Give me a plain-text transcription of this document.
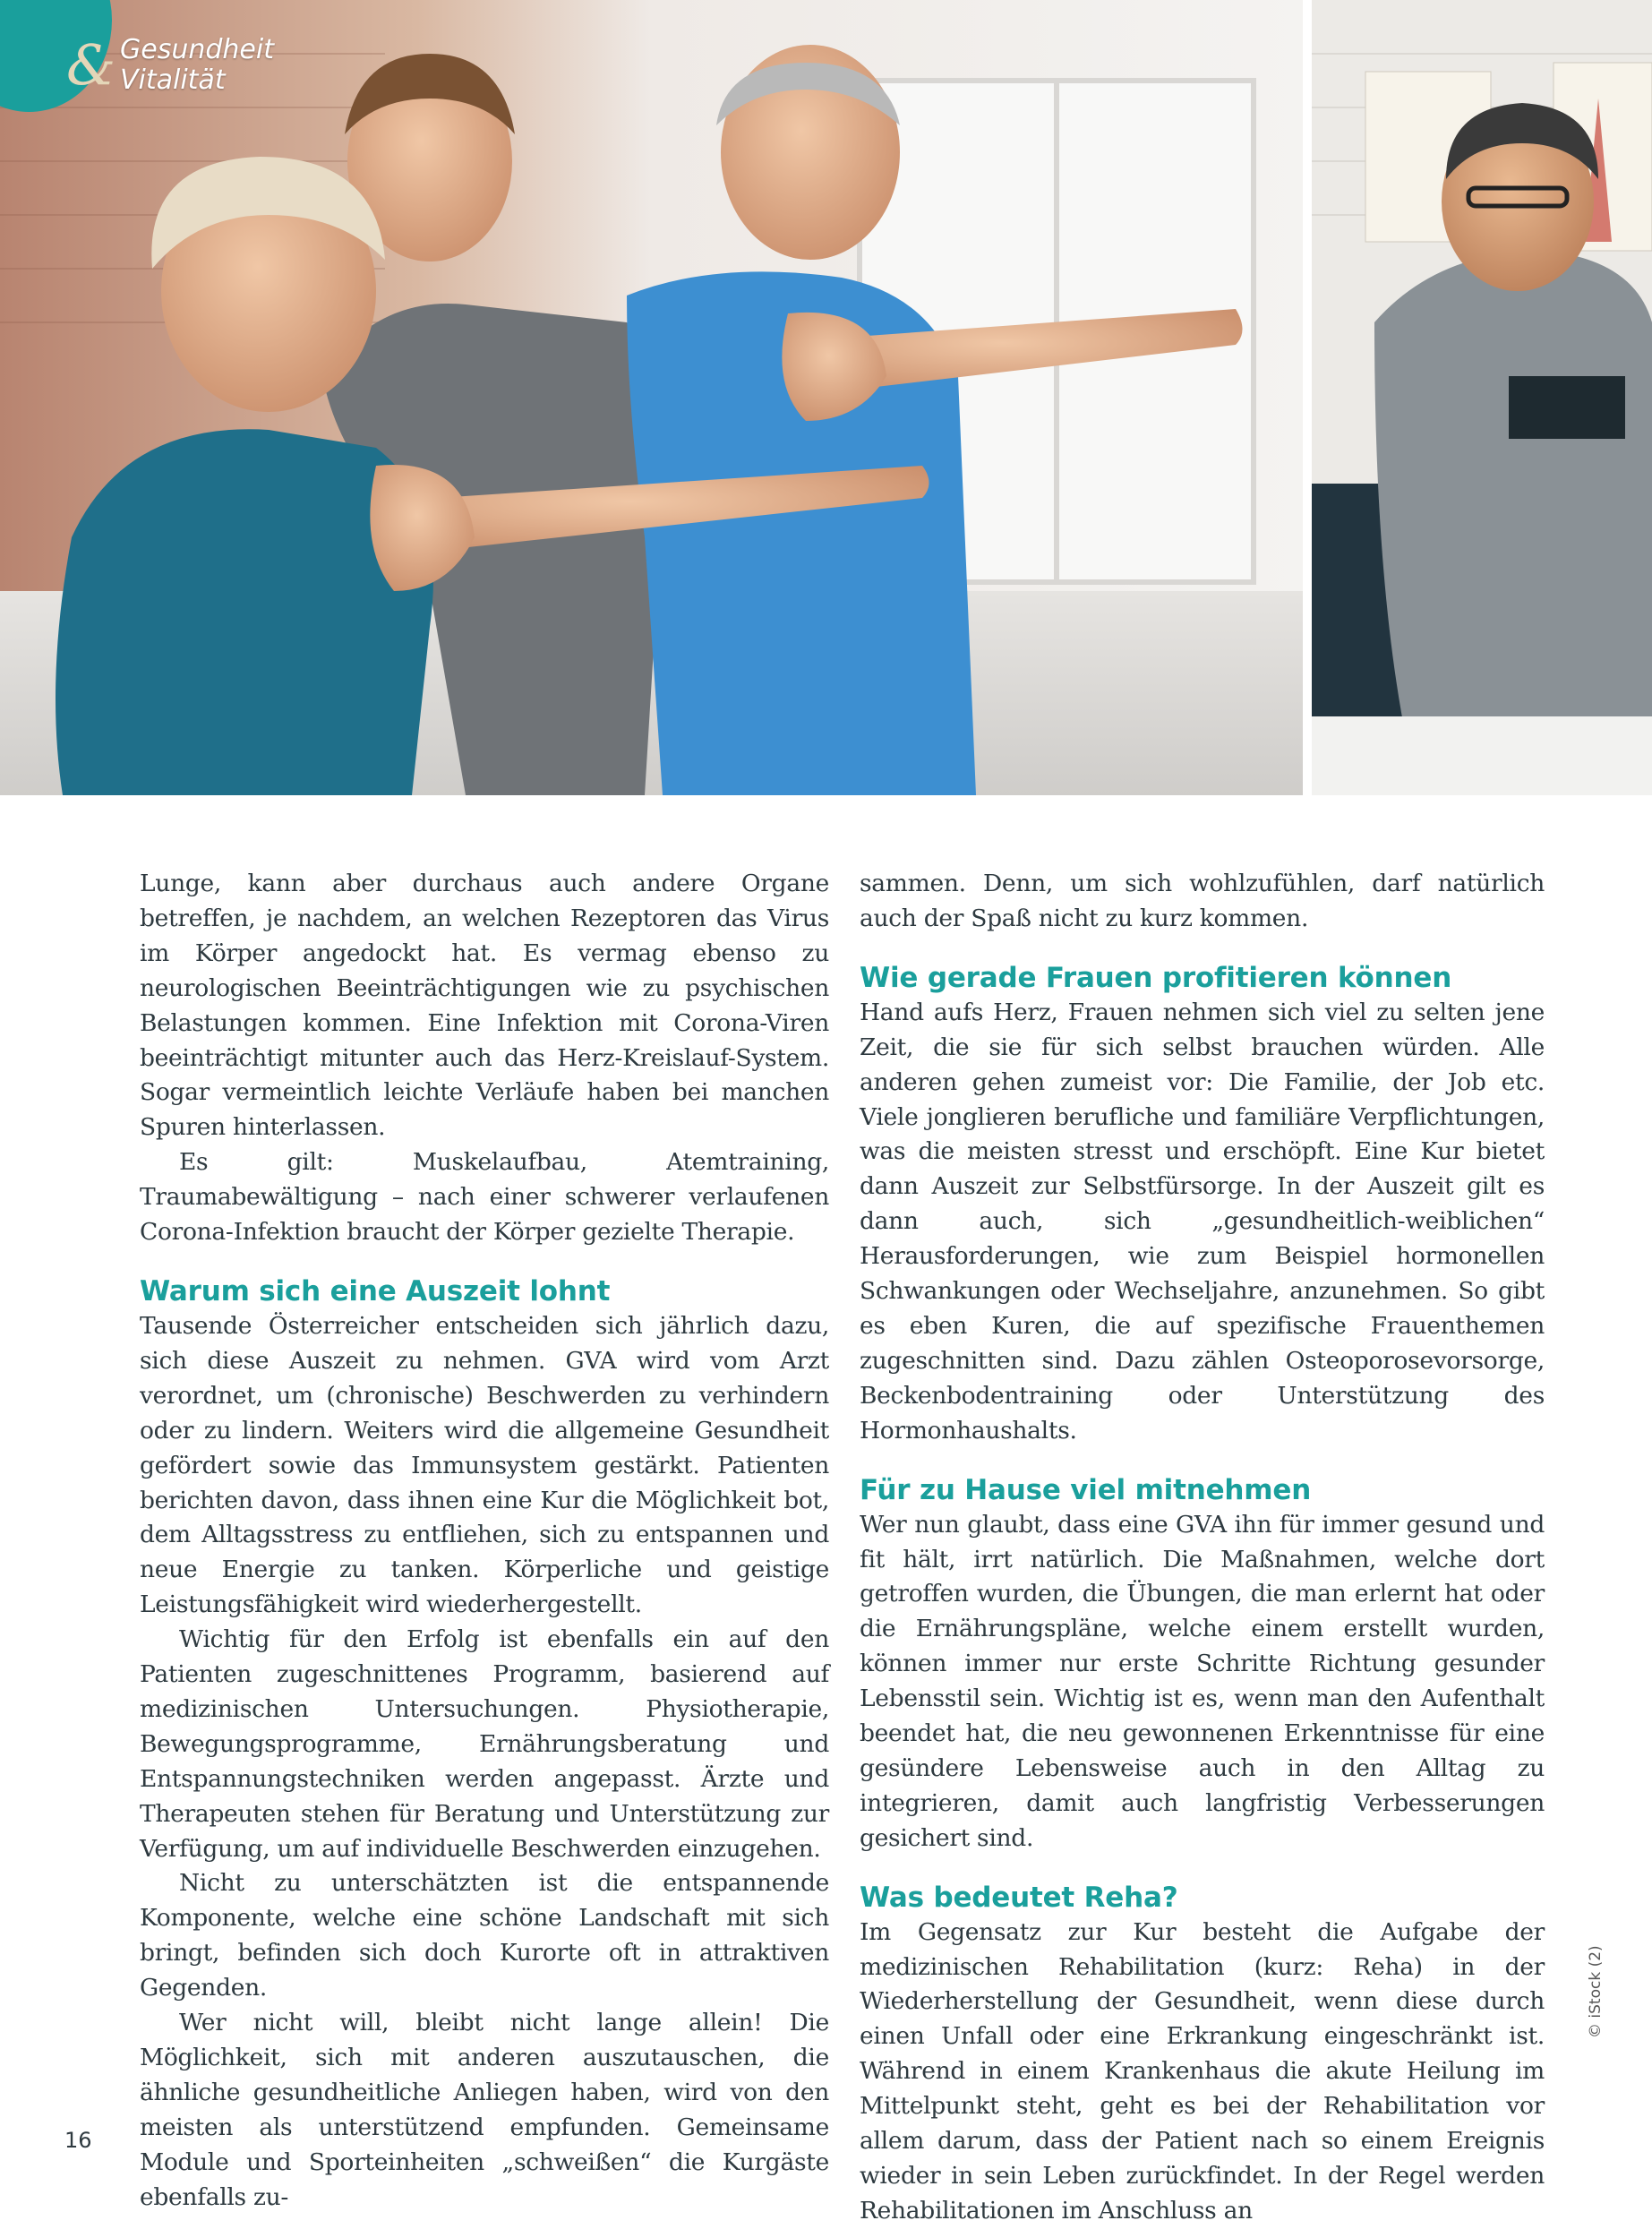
& Gesundheit
Vitalität

Lunge, kann aber durchaus auch andere Organe betreffen, je nachdem, an welchen Rezeptoren das Virus im Körper angedockt hat. Es vermag ebenso zu neurologischen Beeinträchtigungen wie zu psychischen Belastungen kommen. Eine Infektion mit Corona-Viren beeinträchtigt mitunter auch das Herz-Kreislauf-System. Sogar vermeintlich leichte Verläufe haben bei manchen Spuren hinterlassen.

Es gilt: Muskelaufbau, Atemtraining, Traumabewältigung – nach einer schwerer verlaufenen Corona-Infektion braucht der Körper gezielte Therapie.

Warum sich eine Auszeit lohnt

Tausende Österreicher entscheiden sich jährlich dazu, sich diese Auszeit zu nehmen. GVA wird vom Arzt verordnet, um (chronische) Beschwerden zu verhindern oder zu lindern. Weiters wird die allgemeine Gesundheit gefördert sowie das Immunsystem gestärkt. Patienten berichten davon, dass ihnen eine Kur die Möglichkeit bot, dem Alltagsstress zu entfliehen, sich zu entspannen und neue Energie zu tanken. Körperliche und geistige Leistungsfähigkeit wird wiederhergestellt.

Wichtig für den Erfolg ist ebenfalls ein auf den Patienten zugeschnittenes Programm, basierend auf medizinischen Untersuchungen. Physiotherapie, Bewegungsprogramme, Ernährungsberatung und Entspannungstechniken werden angepasst. Ärzte und Therapeuten stehen für Beratung und Unterstützung zur Verfügung, um auf individuelle Beschwerden einzugehen.

Nicht zu unterschätzten ist die entspannende Komponente, welche eine schöne Landschaft mit sich bringt, befinden sich doch Kurorte oft in attraktiven Gegenden.

Wer nicht will, bleibt nicht lange allein! Die Möglichkeit, sich mit anderen auszutauschen, die ähnliche gesundheitliche Anliegen haben, wird von den meisten als unterstützend empfunden. Gemeinsame Module und Sporteinheiten „schweißen“ die Kurgäste ebenfalls zu-

sammen. Denn, um sich wohlzufühlen, darf natürlich auch der Spaß nicht zu kurz kommen.

Wie gerade Frauen profitieren können

Hand aufs Herz, Frauen nehmen sich viel zu selten jene Zeit, die sie für sich selbst brauchen würden. Alle anderen gehen zumeist vor: Die Familie, der Job etc. Viele jonglieren berufliche und familiäre Verpflichtungen, was die meisten stresst und erschöpft. Eine Kur bietet dann Auszeit zur Selbstfürsorge. In der Auszeit gilt es dann auch, sich „gesundheitlich-weiblichen“ Herausforderungen, wie zum Beispiel hormonellen Schwankungen oder Wechseljahre, anzunehmen. So gibt es eben Kuren, die auf spezifische Frauenthemen zugeschnitten sind. Dazu zählen Osteoporosevorsorge, Beckenbodentraining oder Unterstützung des Hormonhaushalts.

Für zu Hause viel mitnehmen

Wer nun glaubt, dass eine GVA ihn für immer gesund und fit hält, irrt natürlich. Die Maßnahmen, welche dort getroffen wurden, die Übungen, die man erlernt hat oder die Ernährungspläne, welche einem erstellt wurden, können immer nur erste Schritte Richtung gesunder Lebensstil sein. Wichtig ist es, wenn man den Aufenthalt beendet hat, die neu gewonnenen Erkenntnisse für eine gesündere Lebensweise auch in den Alltag zu integrieren, damit auch langfristig Verbesserungen gesichert sind.

Was bedeutet Reha?

Im Gegensatz zur Kur besteht die Aufgabe der medizinischen Rehabilitation (kurz: Reha) in der Wiederherstellung der Gesundheit, wenn diese durch einen Unfall oder eine Erkrankung eingeschränkt ist. Während in einem Krankenhaus die akute Heilung im Mittelpunkt steht, geht es bei der Rehabilitation vor allem darum, dass der Patient nach so einem Ereignis wieder in sein Leben zurückfindet. In der Regel werden Rehabilitationen im Anschluss an

16
© iStock (2)
